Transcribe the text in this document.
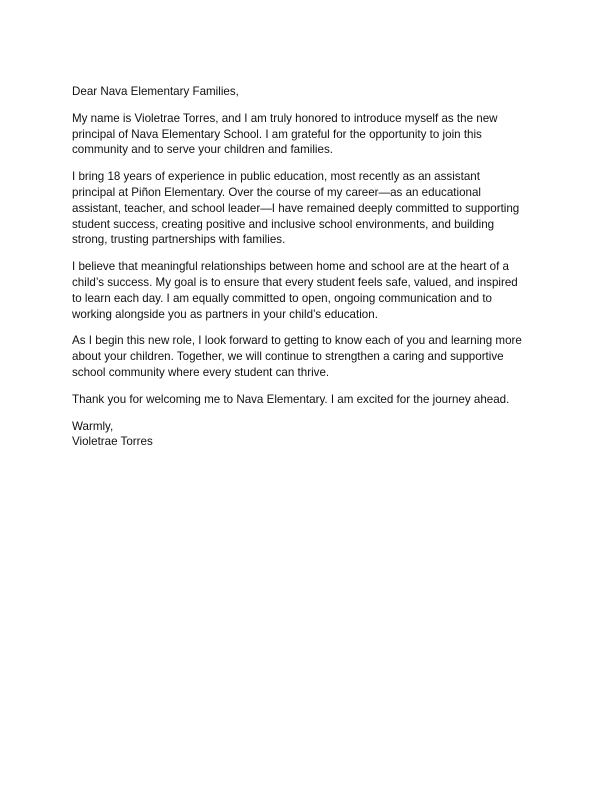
Dear Nava Elementary Families,

My name is Violetrae Torres, and I am truly honored to introduce myself as the new
principal of Nava Elementary School. I am grateful for the opportunity to join this
community and to serve your children and families.

I bring 18 years of experience in public education, most recently as an assistant
principal at Piñon Elementary. Over the course of my career—as an educational
assistant, teacher, and school leader—I have remained deeply committed to supporting
student success, creating positive and inclusive school environments, and building
strong, trusting partnerships with families.

I believe that meaningful relationships between home and school are at the heart of a
child’s success. My goal is to ensure that every student feels safe, valued, and inspired
to learn each day. I am equally committed to open, ongoing communication and to
working alongside you as partners in your child’s education.

As I begin this new role, I look forward to getting to know each of you and learning more
about your children. Together, we will continue to strengthen a caring and supportive
school community where every student can thrive.

Thank you for welcoming me to Nava Elementary. I am excited for the journey ahead.

Warmly,
Violetrae Torres
